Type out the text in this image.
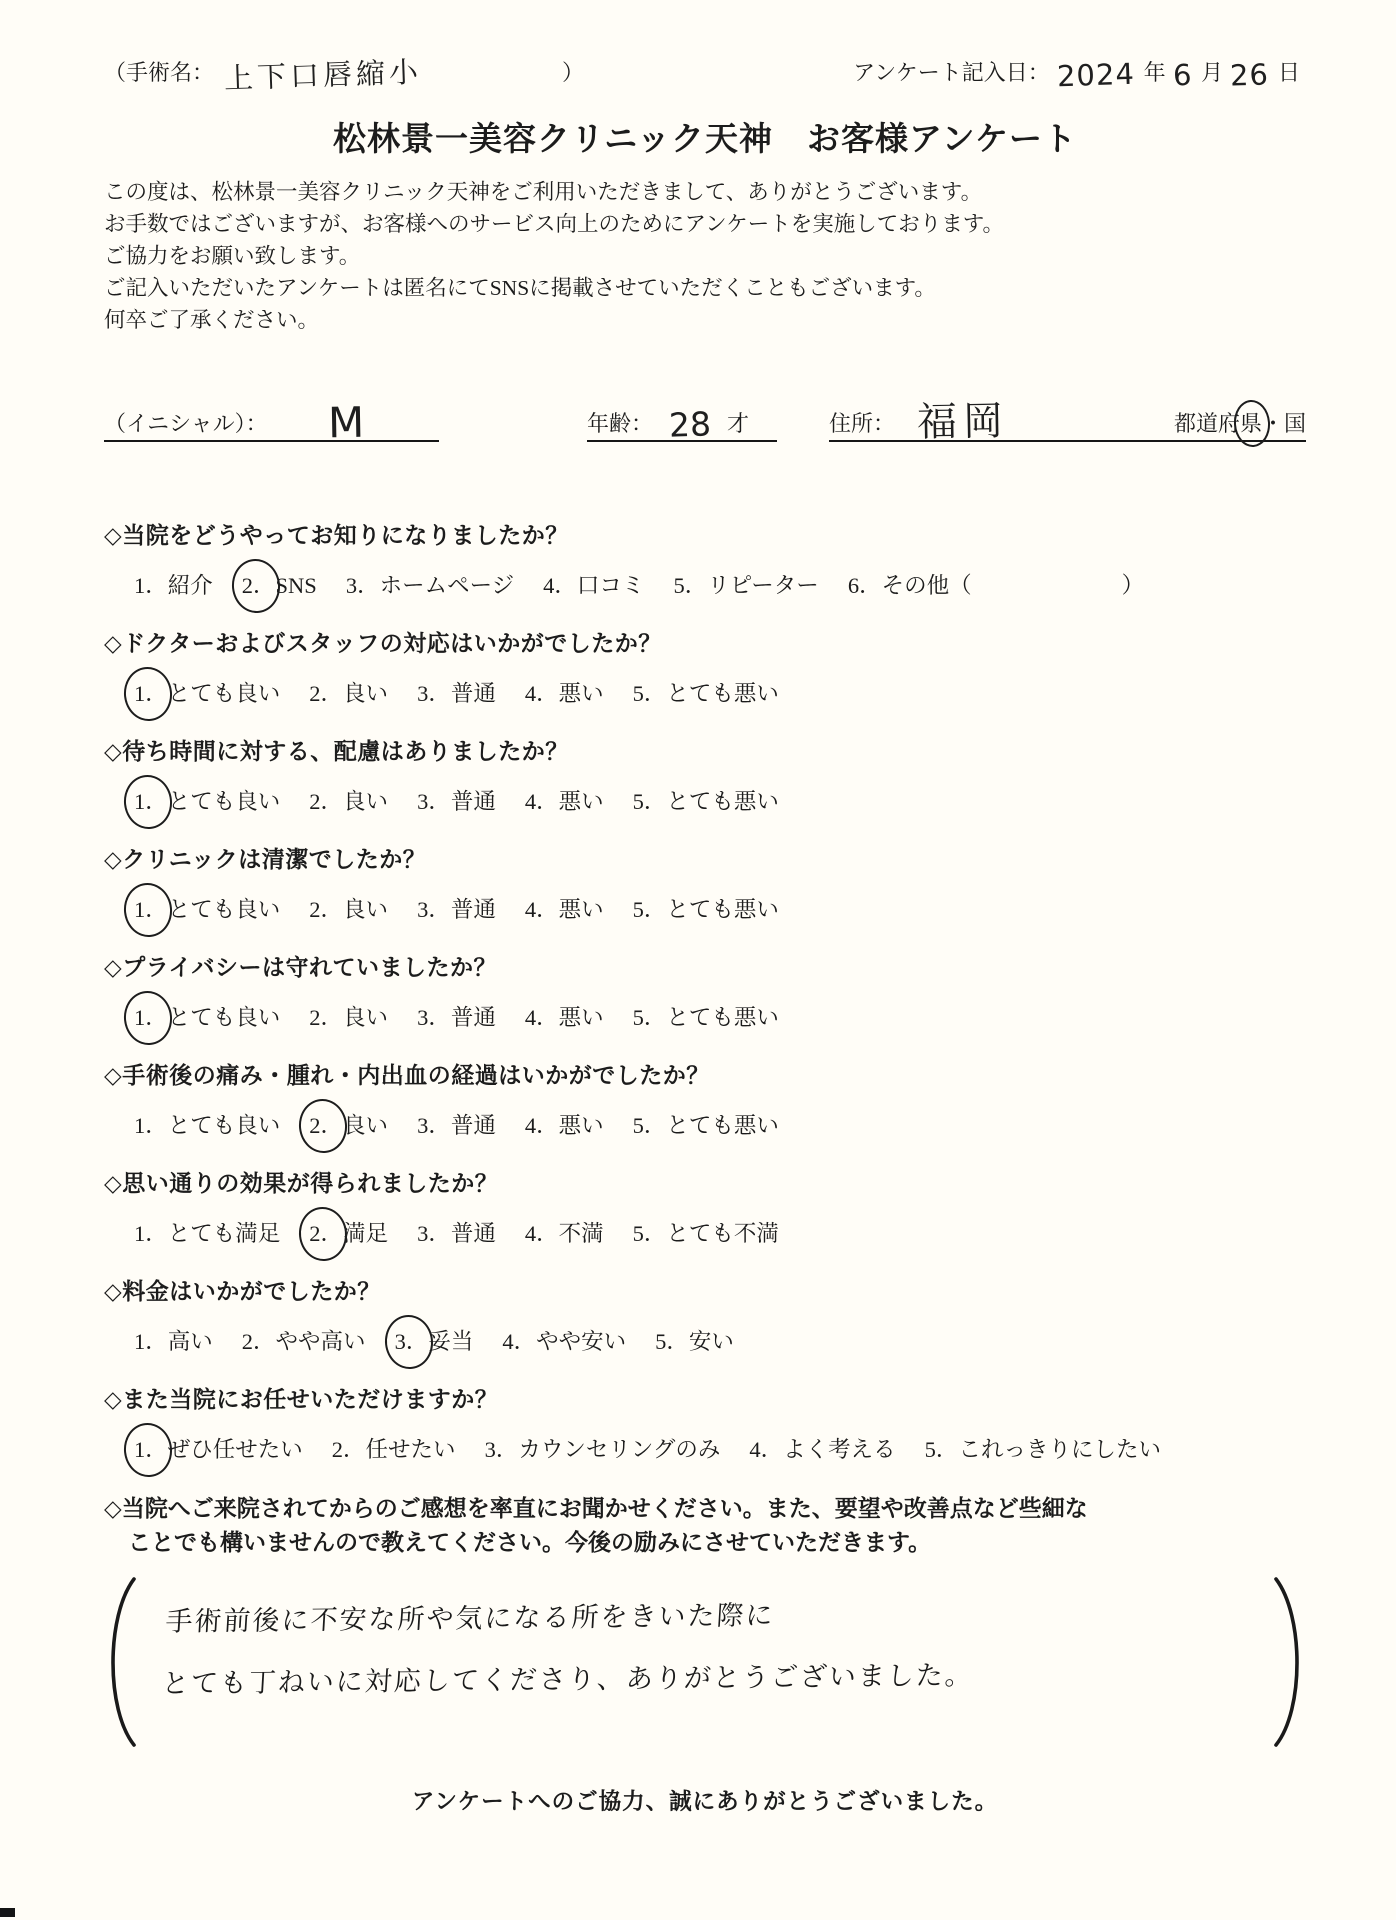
（手術名： 上下口唇縮小	）	アンケート記入日： 2024 年 6 月 26 日
松林景一美容クリニック天神　お客様アンケート
この度は、松林景一美容クリニック天神をご利用いただきまして、ありがとうございます。
お手数ではございますが、お客様へのサービス向上のためにアンケートを実施しております。
ご協力をお願い致します。
ご記入いただいたアンケートは匿名にてSNSに掲載させていただくこともございます。
何卒ご了承ください。
（イニシャル）： M	年齢： 28 才	住所： 福岡	都道府県・国
◇当院をどうやってお知りになりましたか？
1． 紹介 2． SNS 3． ホームページ 4． 口コミ 5． リピーター 6． その他（	）
◇ドクターおよびスタッフの対応はいかがでしたか？
1． とても良い 2． 良い 3． 普通 4． 悪い 5． とても悪い
◇待ち時間に対する、配慮はありましたか？
1． とても良い 2． 良い 3． 普通 4． 悪い 5． とても悪い
◇クリニックは清潔でしたか？
1． とても良い 2． 良い 3． 普通 4． 悪い 5． とても悪い
◇プライバシーは守れていましたか？
1． とても良い 2． 良い 3． 普通 4． 悪い 5． とても悪い
◇手術後の痛み・腫れ・内出血の経過はいかがでしたか？
1． とても良い 2． 良い 3． 普通 4． 悪い 5． とても悪い
◇思い通りの効果が得られましたか？
1． とても満足 2． 満足 3． 普通 4． 不満 5． とても不満
◇料金はいかがでしたか？
1． 高い 2． やや高い 3． 妥当 4． やや安い 5． 安い
◇また当院にお任せいただけますか？
1． ぜひ任せたい 2． 任せたい 3． カウンセリングのみ 4． よく考える 5． これっきりにしたい
◇当院へご来院されてからのご感想を率直にお聞かせください。また、要望や改善点など些細な
ことでも構いませんので教えてください。今後の励みにさせていただきます。
手術前後に不安な所や気になる所をきいた際に
とても丁ねいに対応してくださり、ありがとうございました。
アンケートへのご協力、誠にありがとうございました。
